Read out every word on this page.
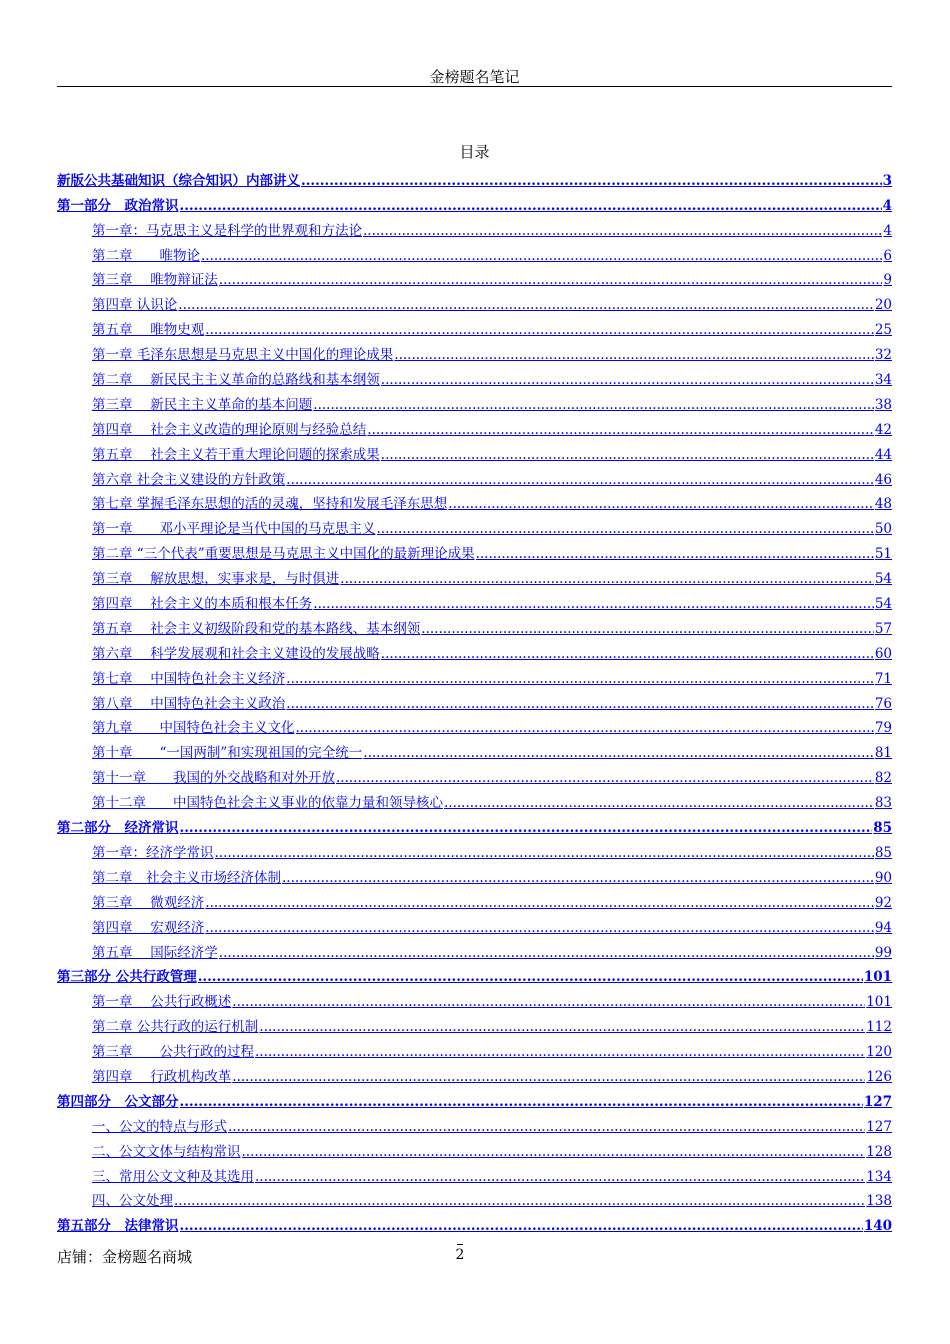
金榜题名笔记
目录
新版公共基础知识（综合知识）内部讲义 .....	3
第一部分　政治常识 .....	4
第一章：马克思主义是科学的世界观和方法论 .....	4
第二章　　唯物论 .....	6
第三章　 唯物辩证法 .....	9
第四章 认识论 .....	20
第五章　 唯物史观 .....	25
第一章 毛泽东思想是马克思主义中国化的理论成果 .....	32
第二章　 新民民主主义革命的总路线和基本纲领 .....	34
第三章　 新民主主义革命的基本问题 .....	38
第四章　 社会主义改造的理论原则与经验总结 .....	42
第五章　 社会主义若干重大理论问题的探索成果 .....	44
第六章 社会主义建设的方针政策 .....	46
第七章 掌握毛泽东思想的活的灵魂，坚持和发展毛泽东思想 .....	48
第一章　　邓小平理论是当代中国的马克思主义 .....	50
第二章 “三个代表”重要思想是马克思主义中国化的最新理论成果 .....	51
第三章　 解放思想，实事求是，与时俱进 .....	54
第四章　 社会主义的本质和根本任务 .....	54
第五章　 社会主义初级阶段和党的基本路线、基本纲领 .....	57
第六章　 科学发展观和社会主义建设的发展战略 .....	60
第七章　 中国特色社会主义经济 .....	71
第八章　 中国特色社会主义政治 .....	76
第九章　　中国特色社会主义文化 .....	79
第十章　　“一国两制”和实现祖国的完全统一 .....	81
第十一章　　我国的外交战略和对外开放 .....	82
第十二章　　中国特色社会主义事业的依靠力量和领导核心 .....	83
第二部分　经济常识 .....	85
第一章：经济学常识 .....	85
第二章　社会主义市场经济体制 .....	90
第三章　 微观经济 .....	92
第四章　 宏观经济 .....	94
第五章　 国际经济学 .....	99
第三部分 公共行政管理 .....	101
第一章　 公共行政概述 .....	101
第二章 公共行政的运行机制 .....	112
第三章　　公共行政的过程 .....	120
第四章　 行政机构改革 .....	126
第四部分　公文部分 .....	127
一、公文的特点与形式 .....	127
二、公文文体与结构常识 .....	128
三、常用公文文种及其选用 .....	134
四、公文处理 .....	138
第五部分　法律常识 .....	140
店铺：金榜题名商城	2
